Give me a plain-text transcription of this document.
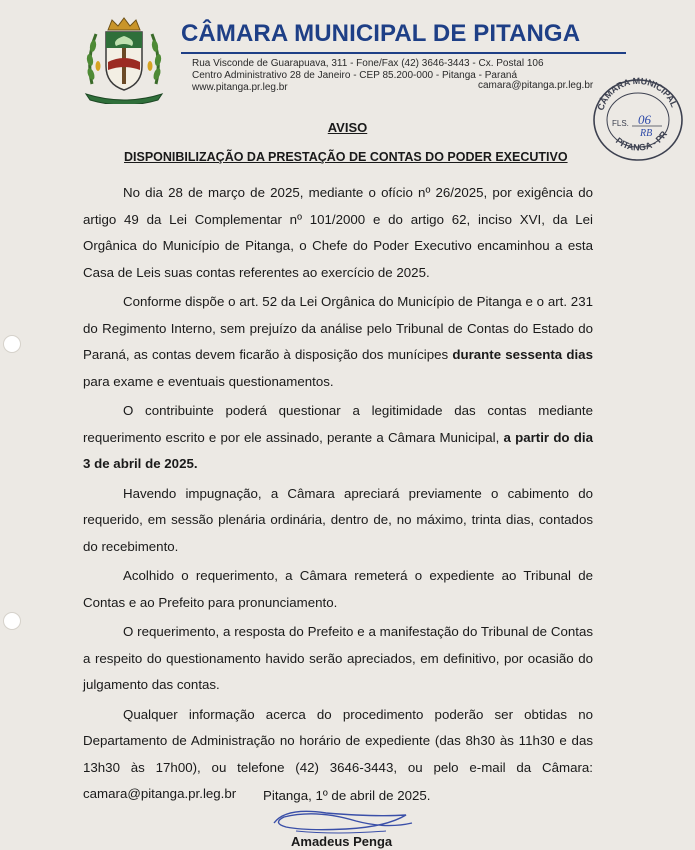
CÂMARA MUNICIPAL DE PITANGA
Rua Visconde de Guarapuava, 311 - Fone/Fax (42) 3646-3443 - Cx. Postal 106
Centro Administrativo 28 de Janeiro - CEP 85.200-000 - Pitanga - Paraná
www.pitanga.pr.leg.br	camara@pitanga.pr.leg.br
CÂMARA MUNICIPAL
PITANGA - PR
FLS. 06
RB
AVISO
DISPONIBILIZAÇÃO DA PRESTAÇÃO DE CONTAS DO PODER EXECUTIVO

No dia 28 de março de 2025, mediante o ofício nº 26/2025, por exigência do artigo 49 da Lei Complementar nº 101/2000 e do artigo 62, inciso XVI, da Lei Orgânica do Município de Pitanga, o Chefe do Poder Executivo encaminhou a esta Casa de Leis suas contas referentes ao exercício de 2025.

Conforme dispõe o art. 52 da Lei Orgânica do Município de Pitanga e o art. 231 do Regimento Interno, sem prejuízo da análise pelo Tribunal de Contas do Estado do Paraná, as contas devem ficarão à disposição dos munícipes durante sessenta dias para exame e eventuais questionamentos.

O contribuinte poderá questionar a legitimidade das contas mediante requerimento escrito e por ele assinado, perante a Câmara Municipal, a partir do dia 3 de abril de 2025.

Havendo impugnação, a Câmara apreciará previamente o cabimento do requerido, em sessão plenária ordinária, dentro de, no máximo, trinta dias, contados do recebimento.

Acolhido o requerimento, a Câmara remeterá o expediente ao Tribunal de Contas e ao Prefeito para pronunciamento.

O requerimento, a resposta do Prefeito e a manifestação do Tribunal de Contas a respeito do questionamento havido serão apreciados, em definitivo, por ocasião do julgamento das contas.

Qualquer informação acerca do procedimento poderão ser obtidas no Departamento de Administração no horário de expediente (das 8h30 às 11h30 e das 13h30 às 17h00), ou telefone (42) 3646-3443, ou pelo e-mail da Câmara: camara@pitanga.pr.leg.br	Pitanga, 1º de abril de 2025.
Amadeus Penga
